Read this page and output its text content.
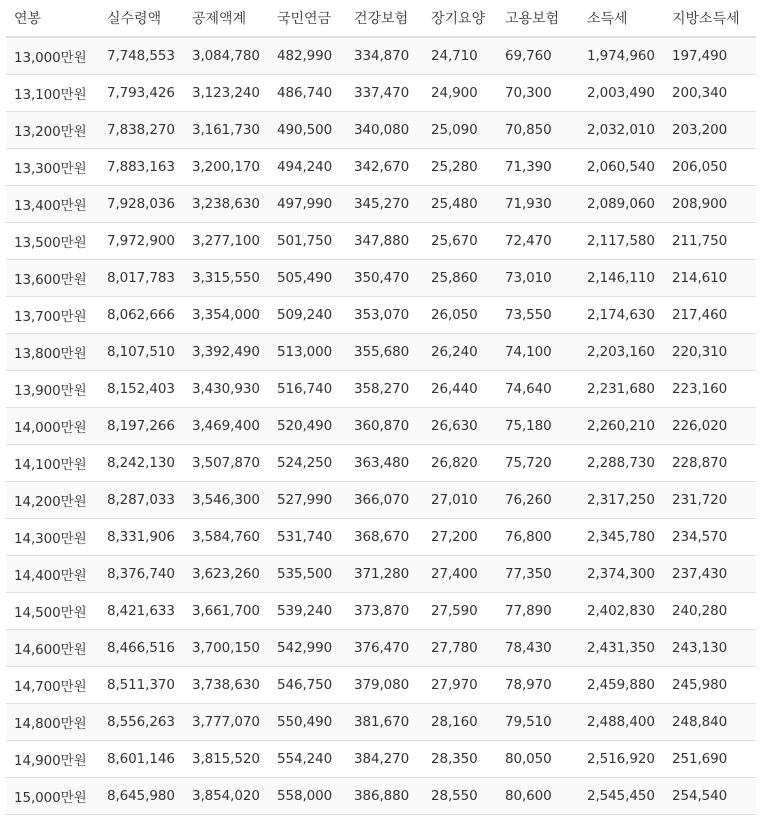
연봉	실수령액	공제액계	국민연금	건강보험	장기요양	고용보험	소득세	지방소득세
13,000만원	7,748,553	3,084,780	482,990	334,870	24,710	69,760	1,974,960	197,490
13,100만원	7,793,426	3,123,240	486,740	337,470	24,900	70,300	2,003,490	200,340
13,200만원	7,838,270	3,161,730	490,500	340,080	25,090	70,850	2,032,010	203,200
13,300만원	7,883,163	3,200,170	494,240	342,670	25,280	71,390	2,060,540	206,050
13,400만원	7,928,036	3,238,630	497,990	345,270	25,480	71,930	2,089,060	208,900
13,500만원	7,972,900	3,277,100	501,750	347,880	25,670	72,470	2,117,580	211,750
13,600만원	8,017,783	3,315,550	505,490	350,470	25,860	73,010	2,146,110	214,610
13,700만원	8,062,666	3,354,000	509,240	353,070	26,050	73,550	2,174,630	217,460
13,800만원	8,107,510	3,392,490	513,000	355,680	26,240	74,100	2,203,160	220,310
13,900만원	8,152,403	3,430,930	516,740	358,270	26,440	74,640	2,231,680	223,160
14,000만원	8,197,266	3,469,400	520,490	360,870	26,630	75,180	2,260,210	226,020
14,100만원	8,242,130	3,507,870	524,250	363,480	26,820	75,720	2,288,730	228,870
14,200만원	8,287,033	3,546,300	527,990	366,070	27,010	76,260	2,317,250	231,720
14,300만원	8,331,906	3,584,760	531,740	368,670	27,200	76,800	2,345,780	234,570
14,400만원	8,376,740	3,623,260	535,500	371,280	27,400	77,350	2,374,300	237,430
14,500만원	8,421,633	3,661,700	539,240	373,870	27,590	77,890	2,402,830	240,280
14,600만원	8,466,516	3,700,150	542,990	376,470	27,780	78,430	2,431,350	243,130
14,700만원	8,511,370	3,738,630	546,750	379,080	27,970	78,970	2,459,880	245,980
14,800만원	8,556,263	3,777,070	550,490	381,670	28,160	79,510	2,488,400	248,840
14,900만원	8,601,146	3,815,520	554,240	384,270	28,350	80,050	2,516,920	251,690
15,000만원	8,645,980	3,854,020	558,000	386,880	28,550	80,600	2,545,450	254,540
